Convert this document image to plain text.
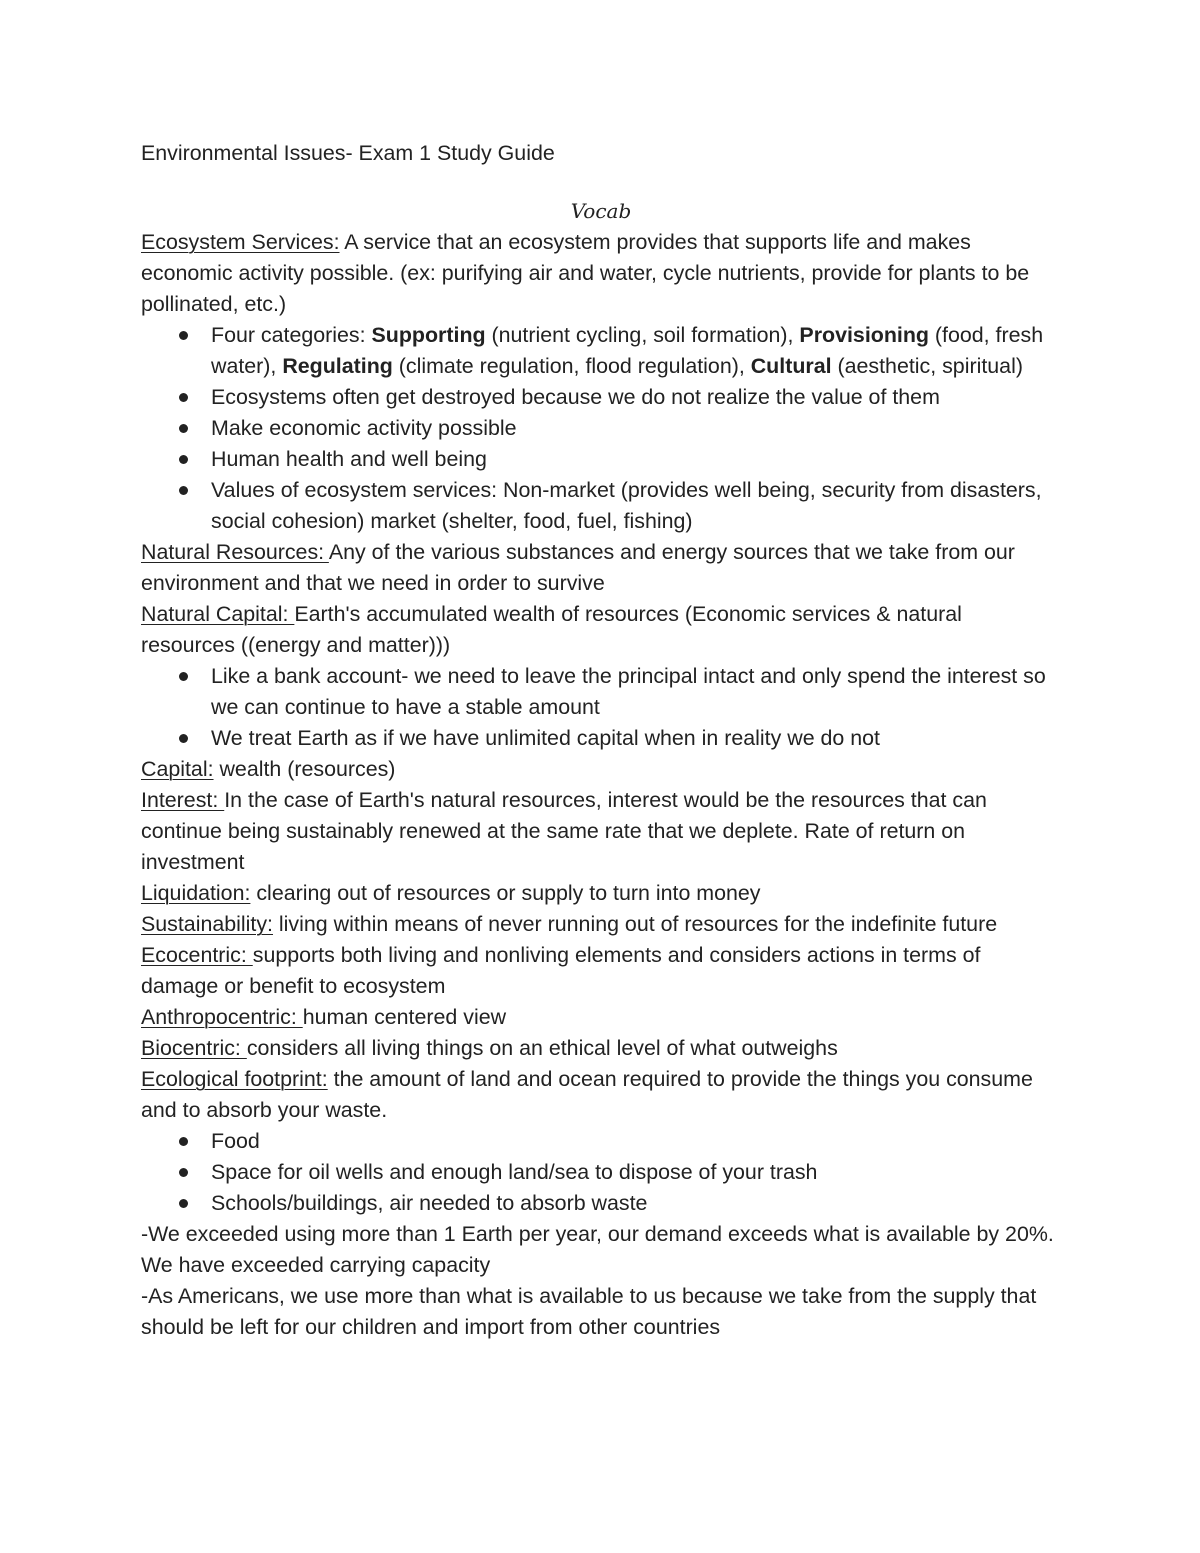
Environmental Issues- Exam 1 Study Guide

Vocab

Ecosystem Services: A service that an ecosystem provides that supports life and makes economic activity possible. (ex: purifying air and water, cycle nutrients, provide for plants to be pollinated, etc.)

Four categories: Supporting (nutrient cycling, soil formation), Provisioning (food, fresh water), Regulating (climate regulation, flood regulation), Cultural (aesthetic, spiritual)
Ecosystems often get destroyed because we do not realize the value of them
Make economic activity possible
Human health and well being
Values of ecosystem services: Non-market (provides well being, security from disasters, social cohesion) market (shelter, food, fuel, fishing)

Natural Resources: Any of the various substances and energy sources that we take from our environment and that we need in order to survive

Natural Capital: Earth's accumulated wealth of resources (Economic services & natural resources ((energy and matter)))

Like a bank account- we need to leave the principal intact and only spend the interest so we can continue to have a stable amount
We treat Earth as if we have unlimited capital when in reality we do not

Capital: wealth (resources)

Interest: In the case of Earth's natural resources, interest would be the resources that can continue being sustainably renewed at the same rate that we deplete. Rate of return on investment

Liquidation: clearing out of resources or supply to turn into money

Sustainability: living within means of never running out of resources for the indefinite future

Ecocentric: supports both living and nonliving elements and considers actions in terms of damage or benefit to ecosystem

Anthropocentric: human centered view

Biocentric: considers all living things on an ethical level of what outweighs

Ecological footprint: the amount of land and ocean required to provide the things you consume and to absorb your waste.

Food
Space for oil wells and enough land/sea to dispose of your trash
Schools/buildings, air needed to absorb waste

-We exceeded using more than 1 Earth per year, our demand exceeds what is available by 20%. We have exceeded carrying capacity

-As Americans, we use more than what is available to us because we take from the supply that should be left for our children and import from other countries
